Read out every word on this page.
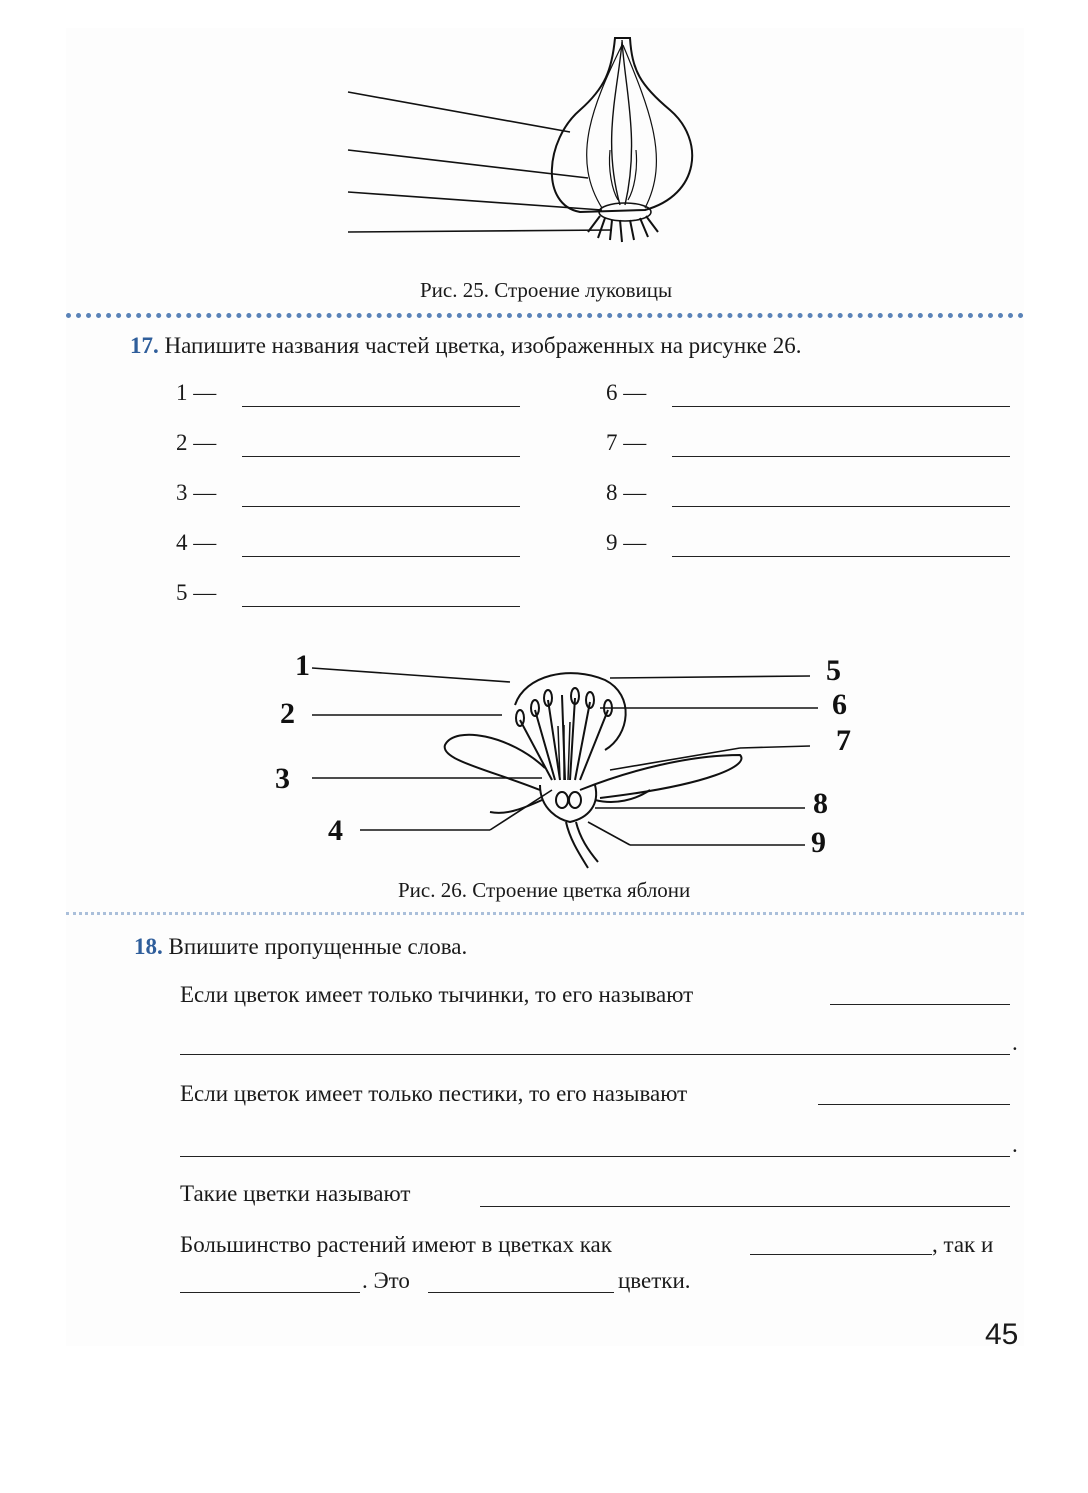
Рис. 25. Строение луковицы
17. Напишите названия частей цветка, изображенных на рисунке 26.
1 —
2 —
3 —
4 —
5 —
6 —
7 —
8 —
9 —
1
2
3
4
5
6
7
8
9
Рис. 26. Строение цветка яблони
18. Впишите пропущенные слова.
Если цветок имеет только тычинки, то его называют
.
Если цветок имеет только пестики, то его называют
.
Такие цветки называют
Большинство растений имеют в цветках как	, так и
. Это	цветки.
45
